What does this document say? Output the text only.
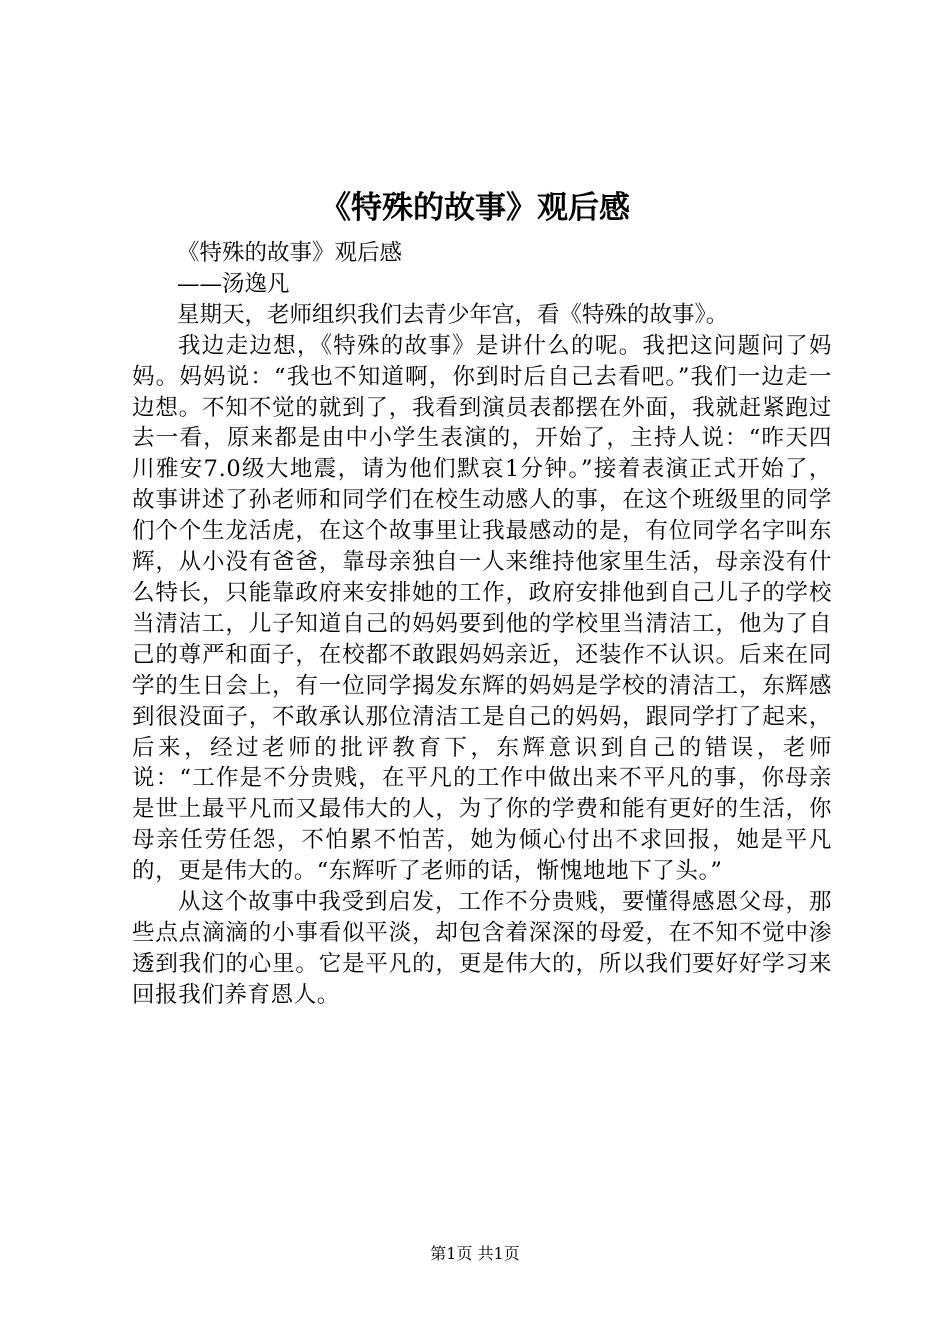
《特殊的故事》观后感

《特殊的故事》观后感

——汤逸凡

星期天，老师组织我们去青少年宫，看《特殊的故事》。

我边走边想，《特殊的故事》是讲什么的呢。我把这问题问了妈妈。妈妈说：“我也不知道啊，你到时后自己去看吧。”我们一边走一边想。不知不觉的就到了，我看到演员表都摆在外面，我就赶紧跑过去一看，原来都是由中小学生表演的，开始了，主持人说：“昨天四川雅安7.0级大地震，请为他们默哀1分钟。”接着表演正式开始了，故事讲述了孙老师和同学们在校生动感人的事，在这个班级里的同学们个个生龙活虎，在这个故事里让我最感动的是，有位同学名字叫东辉，从小没有爸爸，靠母亲独自一人来维持他家里生活，母亲没有什么特长，只能靠政府来安排她的工作，政府安排他到自己儿子的学校当清洁工，儿子知道自己的妈妈要到他的学校里当清洁工，他为了自己的尊严和面子，在校都不敢跟妈妈亲近，还装作不认识。后来在同学的生日会上，有一位同学揭发东辉的妈妈是学校的清洁工，东辉感到很没面子，不敢承认那位清洁工是自己的妈妈，跟同学打了起来，后来，经过老师的批评教育下，东辉意识到自己的错误，老师说：“工作是不分贵贱，在平凡的工作中做出来不平凡的事，你母亲是世上最平凡而又最伟大的人，为了你的学费和能有更好的生活，你母亲任劳任怨，不怕累不怕苦，她为倾心付出不求回报，她是平凡的，更是伟大的。“东辉听了老师的话，惭愧地地下了头。”

从这个故事中我受到启发，工作不分贵贱，要懂得感恩父母，那些点点滴滴的小事看似平淡，却包含着深深的母爱，在不知不觉中渗透到我们的心里。它是平凡的，更是伟大的，所以我们要好好学习来回报我们养育恩人。

第1页 共1页
